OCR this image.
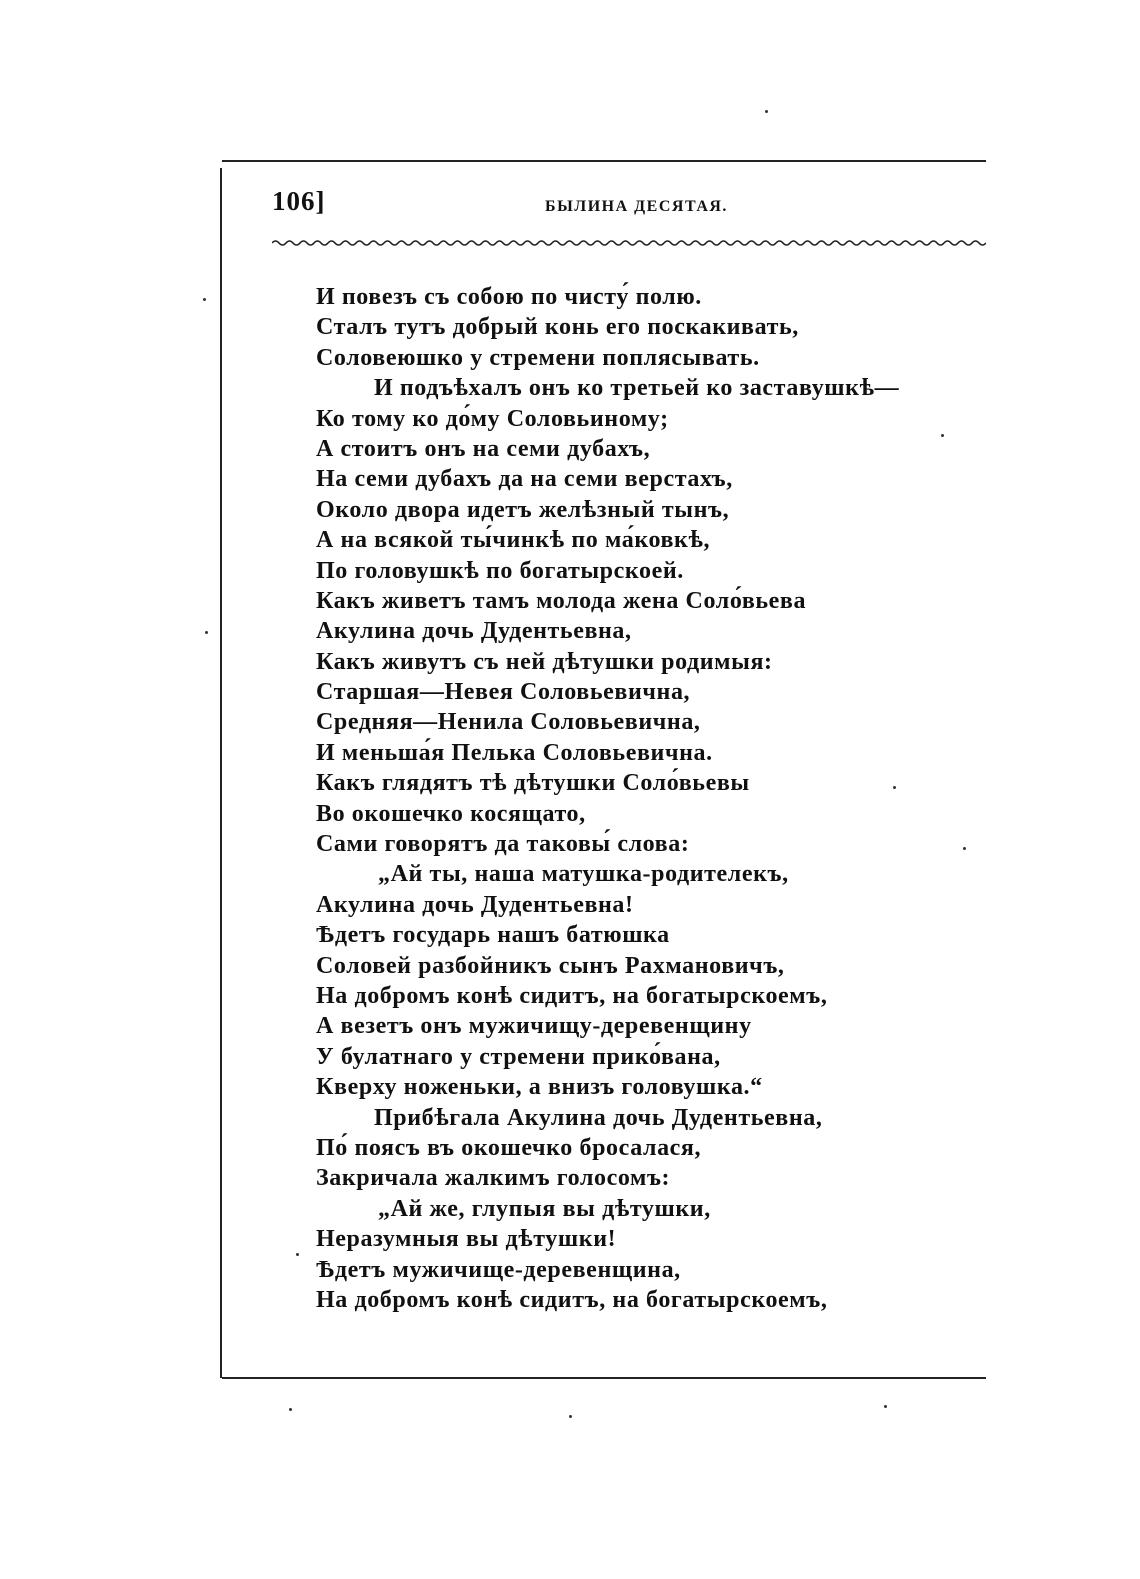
106]	БЫЛИНА ДЕСЯТАЯ.
И повезъ съ собою по чисту́ полю.
Сталъ тутъ добрый конь его поскакивать,
Соловеюшко у стремени поплясывать.
И подъѣхалъ онъ ко третьей ко заставушкѣ—
Ко тому ко до́му Соловьиному;
А стоитъ онъ на семи дубахъ,
На семи дубахъ да на семи верстахъ,
Около двора идетъ желѣзный тынъ,
А на всякой ты́чинкѣ по ма́ковкѣ,
По головушкѣ по богатырскоей.
Какъ живетъ тамъ молода жена Соло́вьева
Акулина дочь Дудентьевна,
Какъ живутъ съ ней дѣтушки родимыя:
Старшая—Невея Соловьевична,
Средняя—Ненила Соловьевична,
И меньша́я Пелька Соловьевична.
Какъ глядятъ тѣ дѣтушки Соло́вьевы
Во окошечко косящато,
Сами говорятъ да таковы́ слова:
„Ай ты, наша матушка-родителекъ,
Акулина дочь Дудентьевна!
Ѣдетъ государь нашъ батюшка
Соловей разбойникъ сынъ Рахмановичъ,
На добромъ конѣ сидитъ, на богатырскоемъ,
А везетъ онъ мужичищу-деревенщину
У булатнаго у стремени прико́вана,
Кверху ноженьки, а внизъ головушка.“
Прибѣгала Акулина дочь Дудентьевна,
По́ поясъ въ окошечко бросалася,
Закричала жалкимъ голосомъ:
„Ай же, глупыя вы дѣтушки,
Неразумныя вы дѣтушки!
Ѣдетъ мужичище-деревенщина,
На добромъ конѣ сидитъ, на богатырскоемъ,
